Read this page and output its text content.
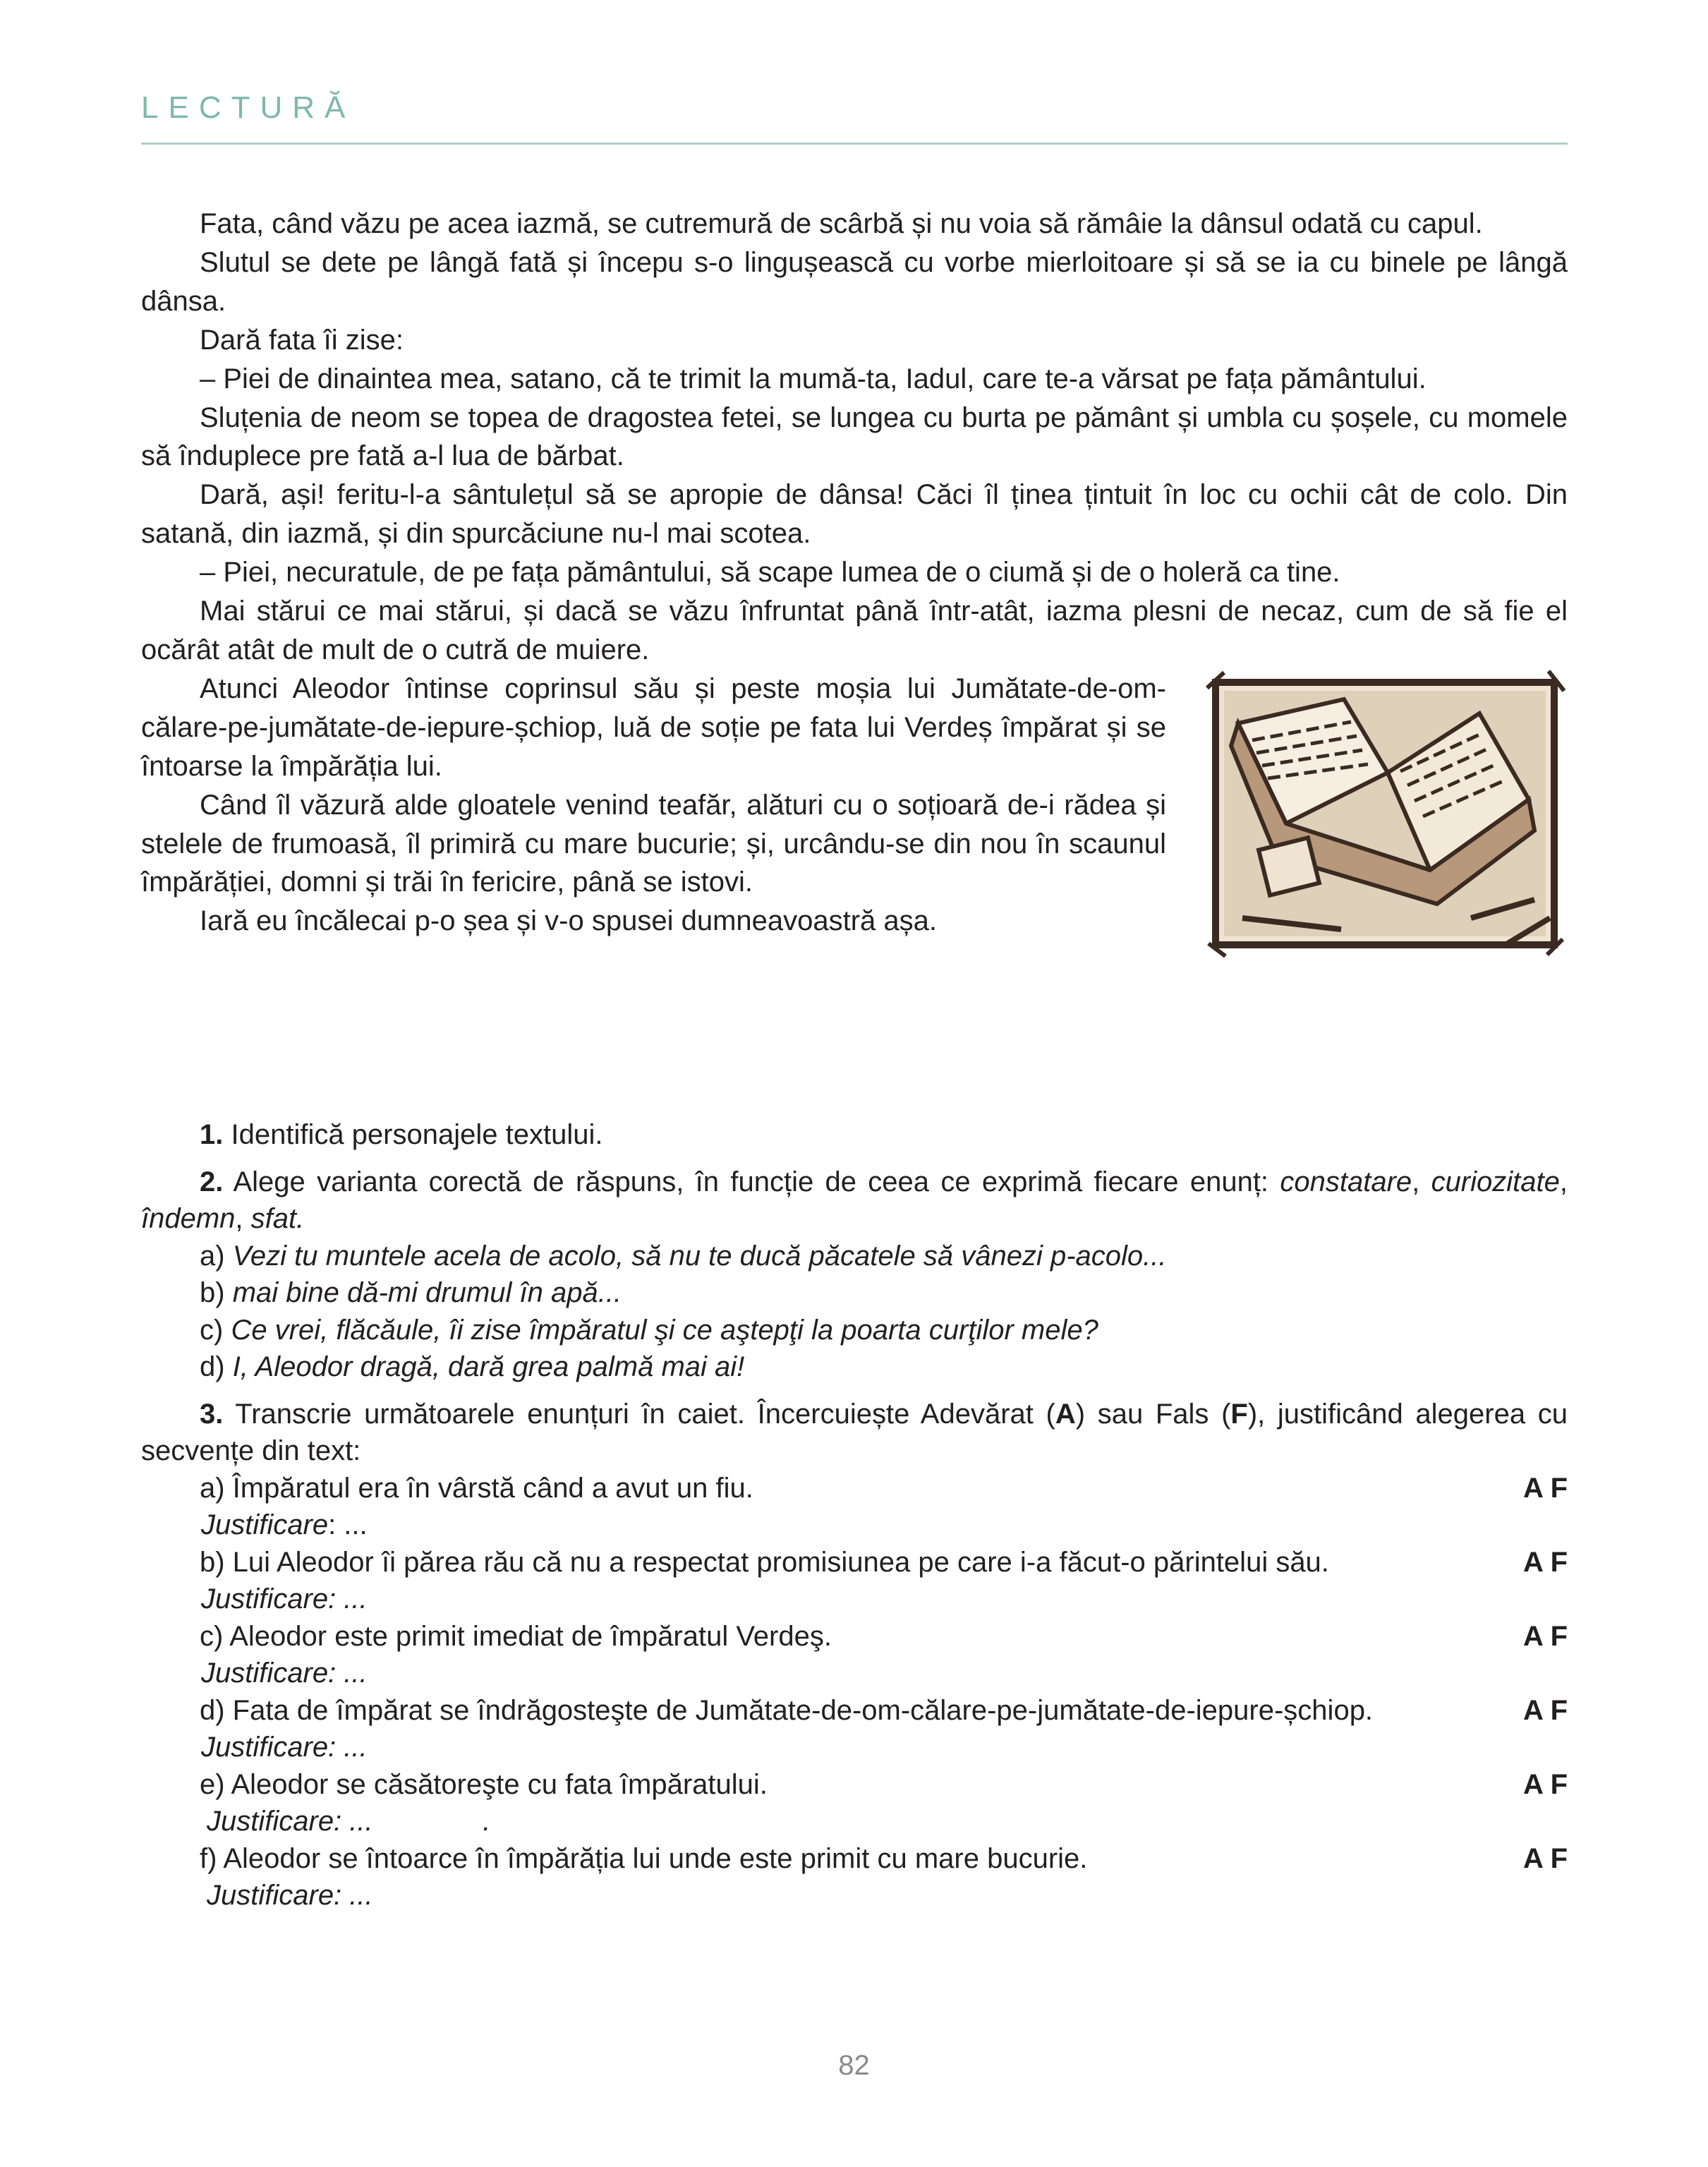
LECTURĂ

Fata, când văzu pe acea iazmă, se cutremură de scârbă și nu voia să rămâie la dânsul odată cu capul.

Slutul se dete pe lângă fată și începu s-o lingușească cu vorbe mierloitoare și să se ia cu binele pe lângă dânsa.

Dară fata îi zise:

– Piei de dinaintea mea, satano, că te trimit la mumă-ta, Iadul, care te-a vărsat pe fața pământului.

Sluțenia de neom se topea de dragostea fetei, se lungea cu burta pe pământ și umbla cu șoșele, cu momele să înduplece pre fată a-l lua de bărbat.

Dară, ași! feritu-l-a sântulețul să se apropie de dânsa! Căci îl ținea țintuit în loc cu ochii cât de colo. Din satană, din iazmă, și din spurcăciune nu-l mai scotea.

– Piei, necuratule, de pe fața pământului, să scape lumea de o ciumă și de o holeră ca tine.

Mai stărui ce mai stărui, și dacă se văzu înfruntat până într-atât, iazma plesni de necaz, cum de să fie el ocărât atât de mult de o cutră de muiere.

Atunci Aleodor întinse coprinsul său și peste moșia lui Jumătate-de-om-călare-pe-jumătate-de-iepure-șchiop, luă de soție pe fata lui Verdeș împărat și se întoarse la împărăția lui.

Când îl văzură alde gloatele venind teafăr, alături cu o soțioară de-i rădea și stelele de frumoasă, îl primiră cu mare bucurie; și, urcându-se din nou în scaunul împărăției, domni și trăi în fericire, până se istovi.

Iară eu încălecai p-o șea și v-o spusei dumneavoastră așa.

1. Identifică personajele textului.

2. Alege varianta corectă de răspuns, în funcție de ceea ce exprimă fiecare enunț: constatare, curiozitate, îndemn, sfat.

a) Vezi tu muntele acela de acolo, să nu te ducă păcatele să vânezi p-acolo...

b) mai bine dă-mi drumul în apă...

c) Ce vrei, flăcăule, îi zise împăratul şi ce aştepţi la poarta curţilor mele?

d) I, Aleodor dragă, dară grea palmă mai ai!

3. Transcrie următoarele enunțuri în caiet. Încercuiește Adevărat (A) sau Fals (F), justificând alegerea cu secvențe din text:

a) Împăratul era în vârstă când a avut un fiu.	A F

Justificare: ...

b) Lui Aleodor îi părea rău că nu a respectat promisiunea pe care i-a făcut-o părintelui său.	A F

Justificare: ...

c) Aleodor este primit imediat de împăratul Verdeş.	A F

Justificare: ...

d) Fata de împărat se îndrăgosteşte de Jumătate-de-om-călare-pe-jumătate-de-iepure-șchiop.	A F

Justificare: ...

e) Aleodor se căsătoreşte cu fata împăratului.	A F

Justificare: ...              .

f) Aleodor se întoarce în împărăția lui unde este primit cu mare bucurie.	A F

Justificare: ...

82
